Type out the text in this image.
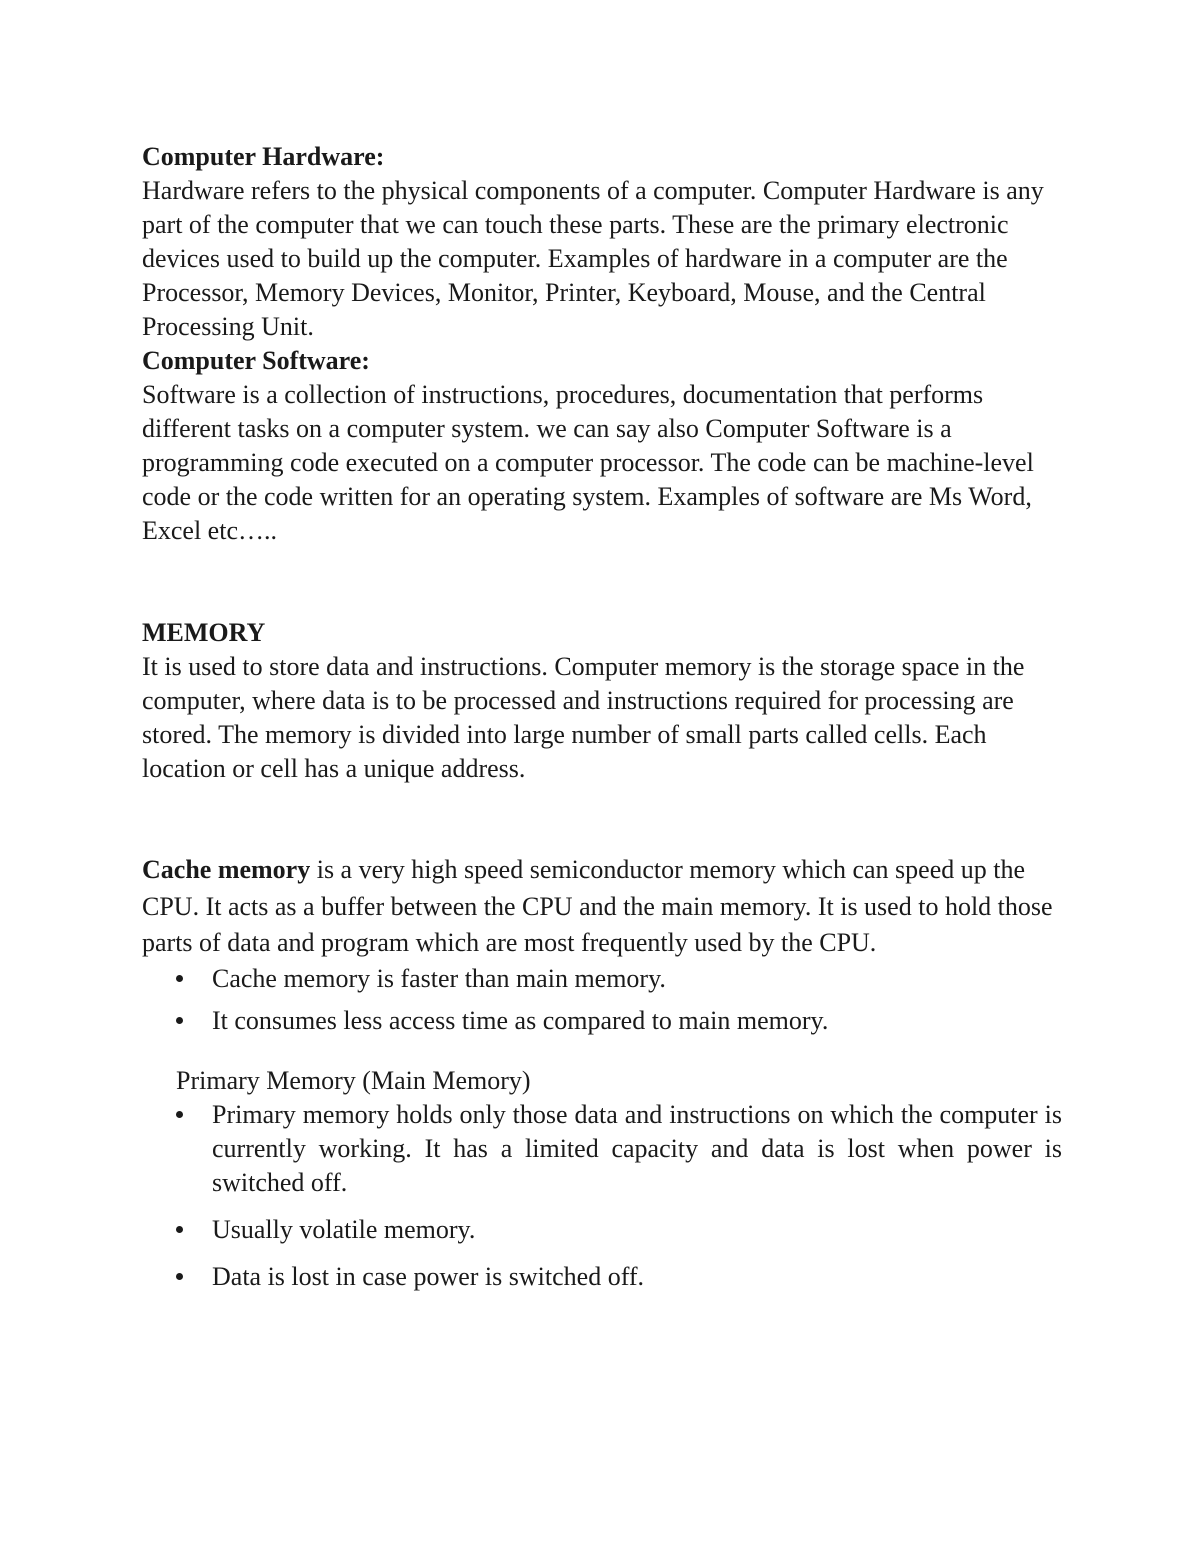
Computer Hardware:

Hardware refers to the physical components of a computer. Computer Hardware is any part of the computer that we can touch these parts. These are the primary electronic devices used to build up the computer. Examples of hardware in a computer are the Processor, Memory Devices, Monitor, Printer, Keyboard, Mouse, and the Central Processing Unit.

Computer Software:

Software is a collection of instructions, procedures, documentation that performs different tasks on a computer system. we can say also Computer Software is a programming code executed on a computer processor. The code can be machine-level code or the code written for an operating system. Examples of software are Ms Word, Excel etc…..

MEMORY

It is used to store data and instructions. Computer memory is the storage space in the computer, where data is to be processed and instructions required for processing are stored. The memory is divided into large number of small parts called cells. Each location or cell has a unique address.

Cache memory is a very high speed semiconductor memory which can speed up the CPU. It acts as a buffer between the CPU and the main memory. It is used to hold those parts of data and program which are most frequently used by the CPU.

Cache memory is faster than main memory.
It consumes less access time as compared to main memory.

Primary Memory (Main Memory)

Primary memory holds only those data and instructions on which the computer is currently working. It has a limited capacity and data is lost when power is switched off.
Usually volatile memory.
Data is lost in case power is switched off.
